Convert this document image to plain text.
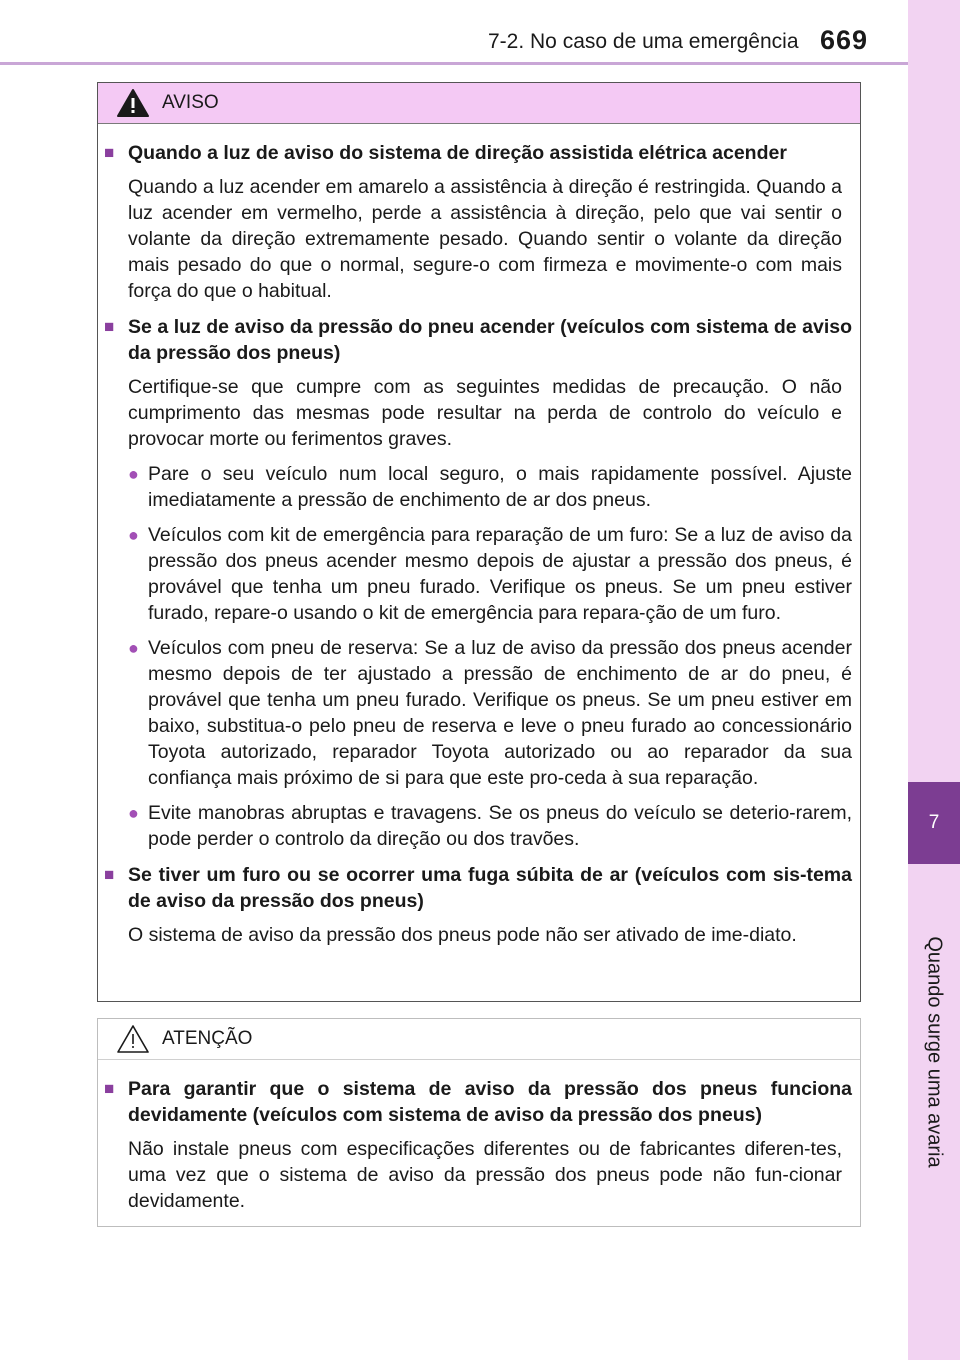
7-2. No caso de uma emergência 669
7
Quando surge uma avaria
AVISO
■ Quando a luz de aviso do sistema de direção assistida elétrica acender
Quando a luz acender em amarelo a assistência à direção é restringida. Quando a luz acender em vermelho, perde a assistência à direção, pelo que vai sentir o volante da direção extremamente pesado. Quando sentir o volante da direção mais pesado do que o normal, segure-o com firmeza e movimente-o com mais força do que o habitual.
■ Se a luz de aviso da pressão do pneu acender (veículos com sistema de aviso da pressão dos pneus)
Certifique-se que cumpre com as seguintes medidas de precaução. O não cumprimento das mesmas pode resultar na perda de controlo do veículo e provocar morte ou ferimentos graves.
● Pare o seu veículo num local seguro, o mais rapidamente possível. Ajuste imediatamente a pressão de enchimento de ar dos pneus.
● Veículos com kit de emergência para reparação de um furo: Se a luz de aviso da pressão dos pneus acender mesmo depois de ajustar a pressão dos pneus, é provável que tenha um pneu furado. Verifique os pneus. Se um pneu estiver furado, repare-o usando o kit de emergência para repara-ção de um furo.
● Veículos com pneu de reserva: Se a luz de aviso da pressão dos pneus acender mesmo depois de ter ajustado a pressão de enchimento de ar do pneu, é provável que tenha um pneu furado. Verifique os pneus. Se um pneu estiver em baixo, substitua-o pelo pneu de reserva e leve o pneu furado ao concessionário Toyota autorizado, reparador Toyota autorizado ou ao reparador da sua confiança mais próximo de si para que este pro-ceda à sua reparação.
● Evite manobras abruptas e travagens. Se os pneus do veículo se deterio-rarem, pode perder o controlo da direção ou dos travões.
■ Se tiver um furo ou se ocorrer uma fuga súbita de ar (veículos com sis-tema de aviso da pressão dos pneus)
O sistema de aviso da pressão dos pneus pode não ser ativado de ime-diato.
ATENÇÃO
■ Para garantir que o sistema de aviso da pressão dos pneus funciona devidamente (veículos com sistema de aviso da pressão dos pneus)
Não instale pneus com especificações diferentes ou de fabricantes diferen-tes, uma vez que o sistema de aviso da pressão dos pneus pode não fun-cionar devidamente.
